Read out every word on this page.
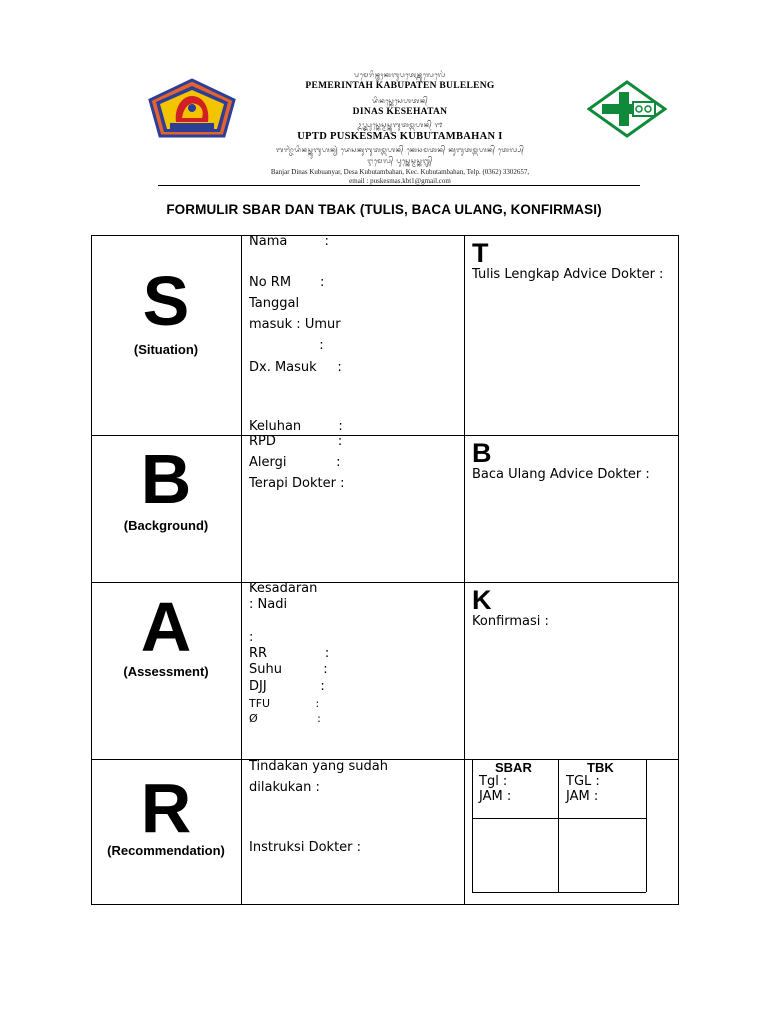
ᬧᬫᬾᬭᬶᬦ᭄ᬢᬄᬓᬩᬸᬧᬢᬾᬦ᭄ᬩᬸᬮᬾᬮᬾᬂ
PEMERINTAH KABUPATEN BULELENG
ᬤᬶᬦᬲ᭄ᬓᬾᬲᬾᬳᬢᬦ᭄
DINAS KESEHATAN
ᬉᬧ᭄ᬢ᭄ᬤ᭄ᬧᬸᬲ᭄ᬓᬾᬲ᭄ᬫᬲ᭄ᬓᬸᬩᬸᬢᬫ᭄ᬩᬳᬦ᭄ ᭑
UPTD PUSKESMAS KUBUTAMBAHAN I
ᬩᬜ᭄ᬚᬃᬤᬶᬦᬲ᭄ᬓᬸᬩᬸᬳᬦ᭄ᬬᬃ ᬤᬾᬲᬓᬸᬩᬸᬢᬫ᭄ᬩᬳᬦ᭄ ᬓᬾᬘᬫᬢᬦ᭄ ᬓᬸᬩᬸᬢᬫ᭄ᬩᬳᬦ᭄ ᬢᬾᬮ᭄ᬧ᭄
ᬇᬫᬾᬮ᭄ ᬧᬸᬲ᭄ᬓᬾᬲ᭄ᬫᬲ᭄ᬓᬩ᭄ᬢ᭄
Banjar Dinas Kubuanyar, Desa Kubutambahan, Kec. Kubutambahan, Telp. (0362) 3302657,
email : puskesmas.kbt1@gmail.com
FORMULIR SBAR DAN TBAK (TULIS, BACA ULANG, KONFIRMASI)
S
(Situation)
Nama         :
No RM       :
Tanggal
masuk : Umur
:
Dx. Masuk     :
Keluhan         :
T
Tulis Lengkap Advice Dokter :
B
(Background)
RPD               :
Alergi            :
Terapi Dokter :
B
Baca Ulang Advice Dokter :
A
(Assessment)
Kesadaran
: Nadi
:
RR              :
Suhu          :
DJJ             :
TFU             :
Ø                 :
K
Konfirmasi :
R
(Recommendation)
Tindakan yang sudah
dilakukan :
Instruksi Dokter :
SBAR	TBK
Tgl :
JAM :
TGL :
JAM :
